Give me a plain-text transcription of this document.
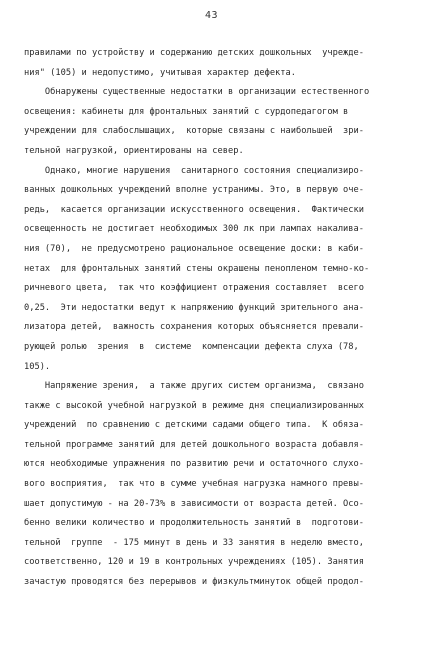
43
правилами по устройству и содержанию детских дошкольных  учрежде-
ния" (105) и недопустимо, учитывая характер дефекта.
Обнаружены существенные недостатки в организации естественного
освещения: кабинеты для фронтальных занятий с сурдопедагогом в
учреждении для слабослышащих,  которые связаны с наибольшей  зри-
тельной нагрузкой, ориентированы на север.
Однако, многие нарушения  санитарного состояния специализиро-
ванных дошкольных учреждений вполне устранимы. Это, в первую оче-
редь,  касается организации искусственного освещения.  Фактически
освещенность не достигает необходимых 300 лк при лампах накалива-
ния (70),  не предусмотрено рациональное освещение доски: в каби-
нетах  для фронтальных занятий стены окрашены пенопленом темно-ко-
ричневого цвета,  так что коэффициент отражения составляет  всего
0,25.  Эти недостатки ведут к напряжению функций зрительного ана-
лизатора детей,  важность сохранения которых объясняется превали-
рующей ролью  зрения  в  системе  компенсации дефекта слуха (78,
105).
Напряжение зрения,  а также других систем организма,  связано
также с высокой учебной нагрузкой в режиме дня специализированных
учреждений  по сравнению с детскими садами общего типа.  К обяза-
тельной программе занятий для детей дошкольного возраста добавля-
ются необходимые упражнения по развитию речи и остаточного слухо-
вого восприятия,  так что в сумме учебная нагрузка намного превы-
шает допустимую - на 20-73% в зависимости от возраста детей. Осо-
бенно велики количество и продолжительность занятий в  подготови-
тельной  группе  - 175 минут в день и 33 занятия в неделю вместо,
соответственно, 120 и 19 в контрольных учреждениях (105). Занятия
зачастую проводятся без перерывов и физкультминуток общей продол-
